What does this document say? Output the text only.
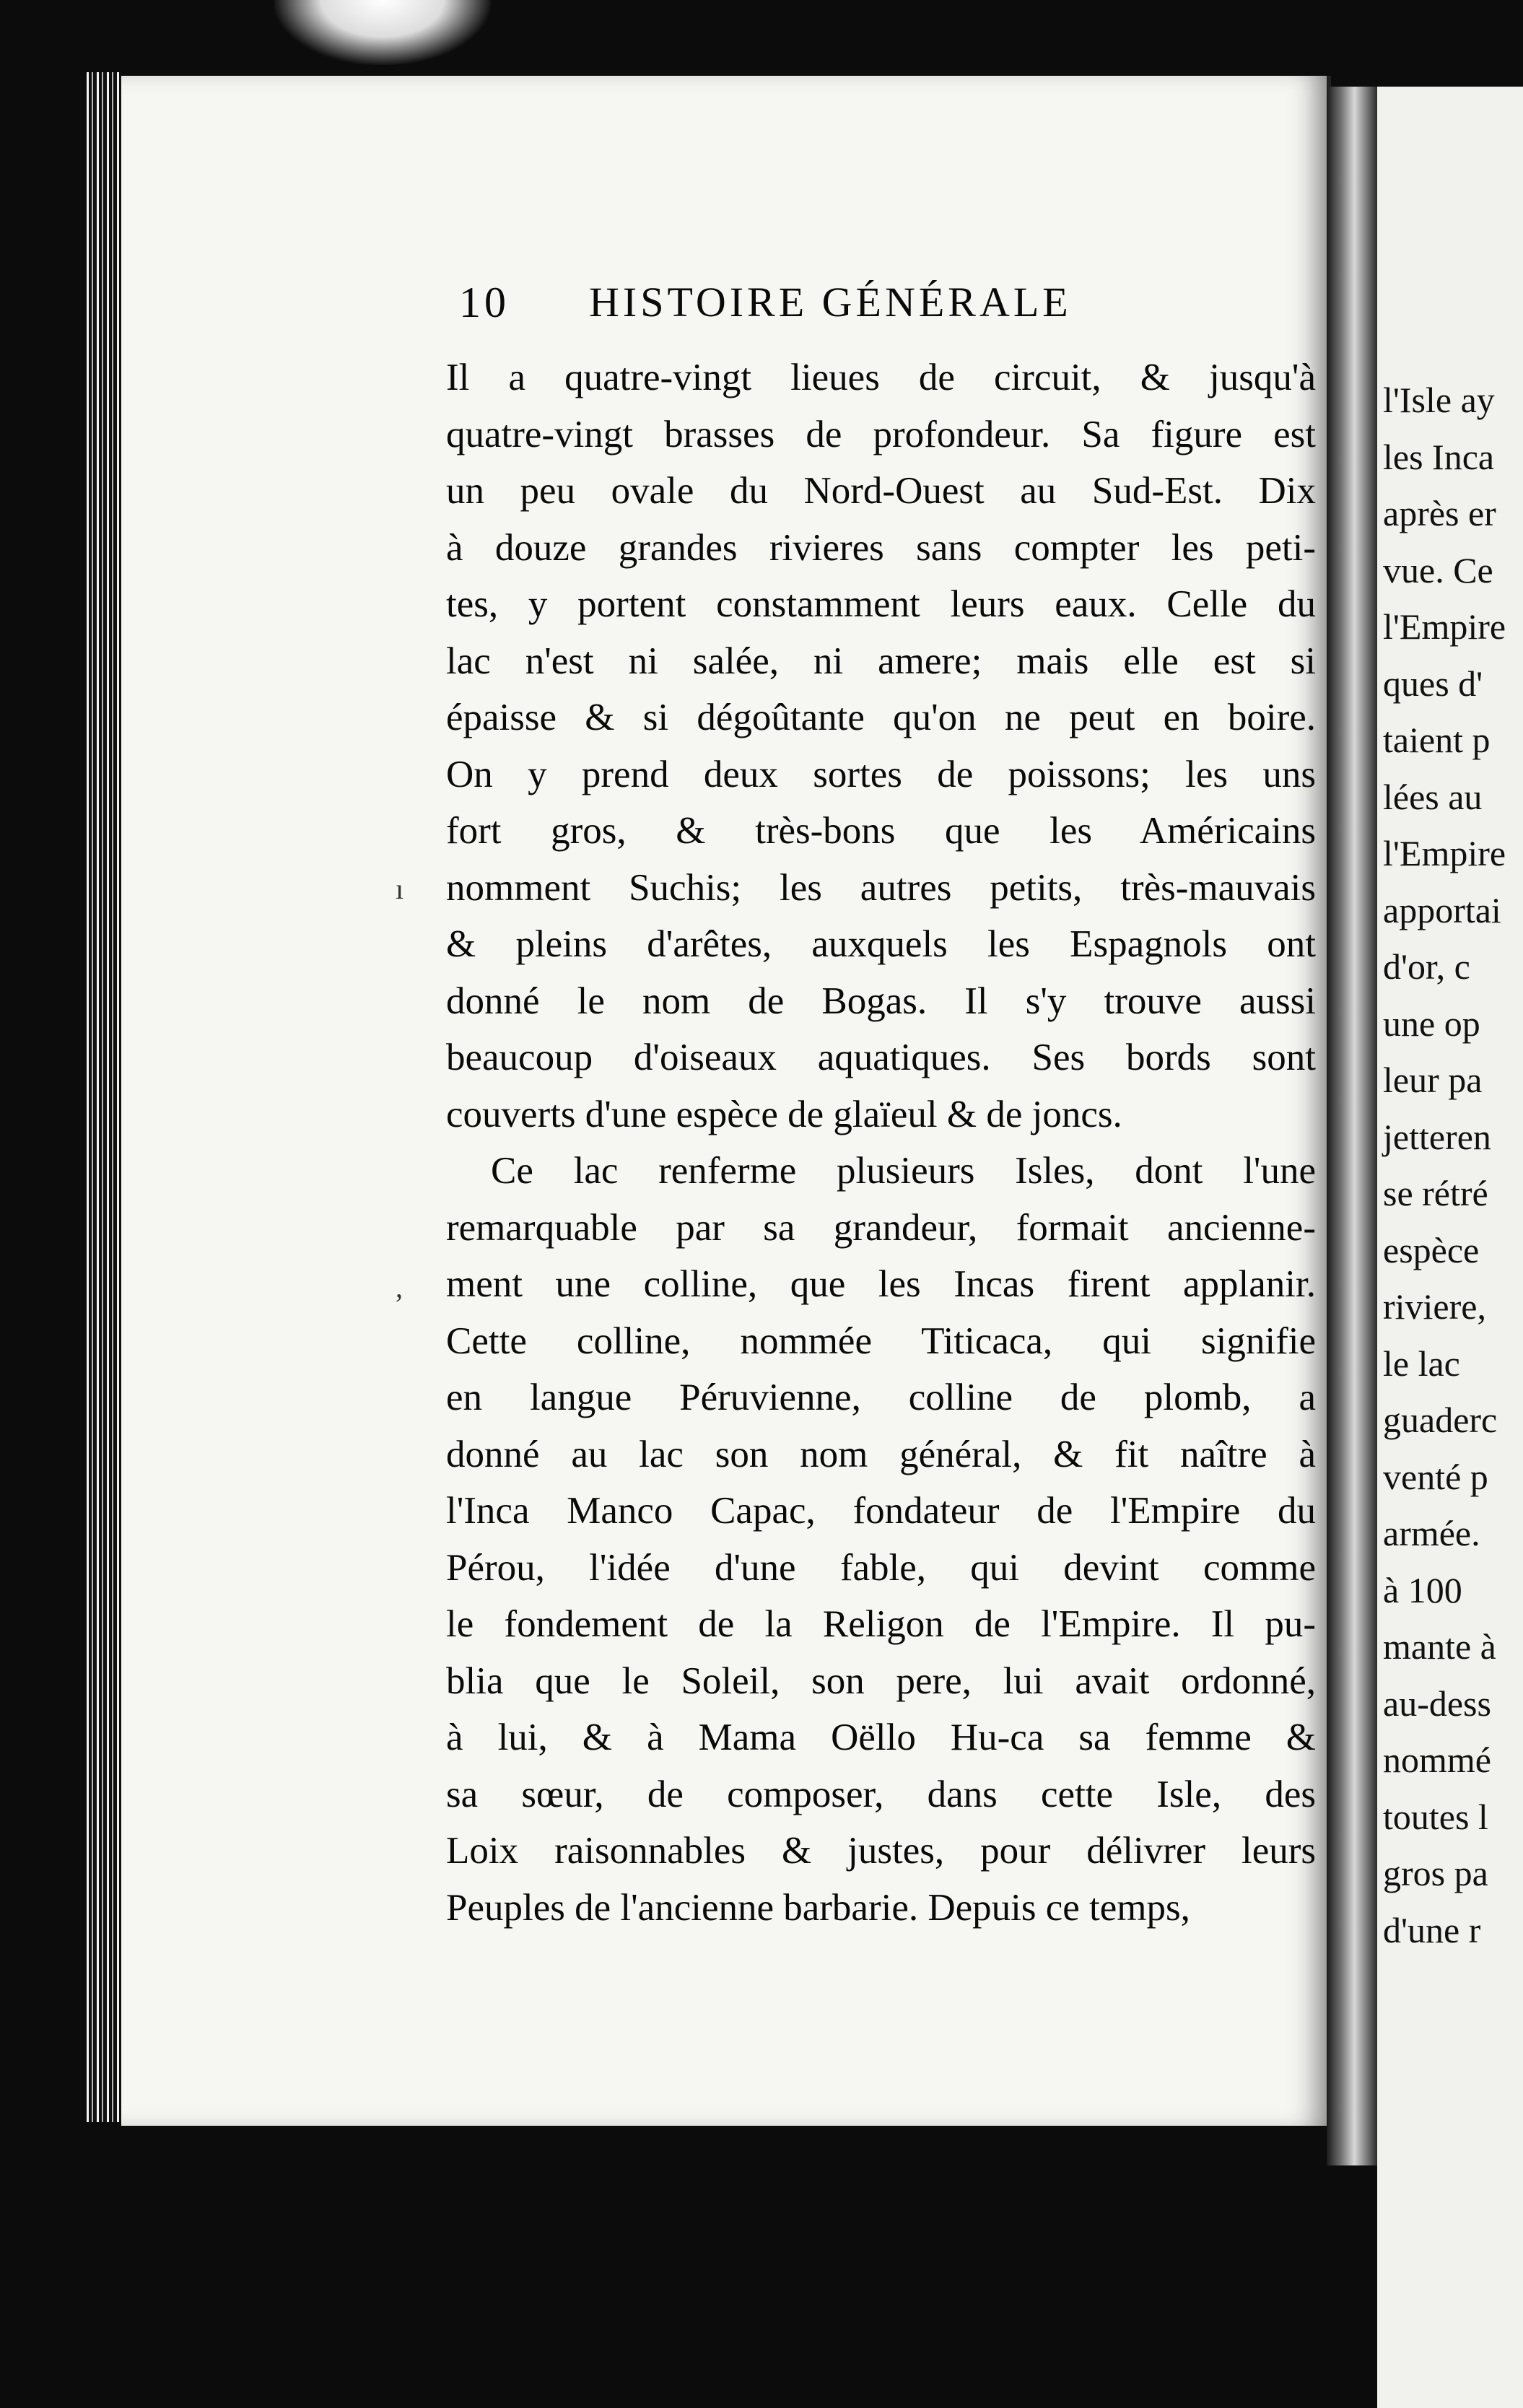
10 HISTOIRE GÉNÉRALE
Il a quatre-vingt lieues de circuit, & jusqu'à
quatre-vingt brasses de profondeur. Sa figure est
un peu ovale du Nord-Ouest au Sud-Est. Dix
à douze grandes rivieres sans compter les peti-
tes, y portent constamment leurs eaux. Celle du
lac n'est ni salée, ni amere; mais elle est si
épaisse & si dégoûtante qu'on ne peut en boire.
On y prend deux sortes de poissons; les uns
fort gros, & très-bons que les Américains
nomment Suchis; les autres petits, très-mauvais
& pleins d'arêtes, auxquels les Espagnols ont
donné le nom de Bogas. Il s'y trouve aussi
beaucoup d'oiseaux aquatiques. Ses bords sont
couverts d'une espèce de glaïeul & de joncs.
Ce lac renferme plusieurs Isles, dont l'une
remarquable par sa grandeur, formait ancienne-
ment une colline, que les Incas firent applanir.
Cette colline, nommée Titicaca, qui signifie
en langue Péruvienne, colline de plomb, a
donné au lac son nom général, & fit naître à
l'Inca Manco Capac, fondateur de l'Empire du
Pérou, l'idée d'une fable, qui devint comme
le fondement de la Religon de l'Empire. Il pu-
blia que le Soleil, son pere, lui avait ordonné,
à lui, & à Mama Oëllo Hu-ca sa femme &
sa sœur, de composer, dans cette Isle, des
Loix raisonnables & justes, pour délivrer leurs
Peuples de l'ancienne barbarie. Depuis ce temps,
ı
,
l'Isle ay
les Inca
après er
vue. Ce
l'Empire
ques d'
taient p
lées au
l'Empire
apportai
d'or, c
une op
leur pa
jetteren
se rétré
espèce
riviere,
le lac
guaderc
venté p
armée.
à 100
mante à
au-dess
nommé
toutes l
gros pa
d'une r
